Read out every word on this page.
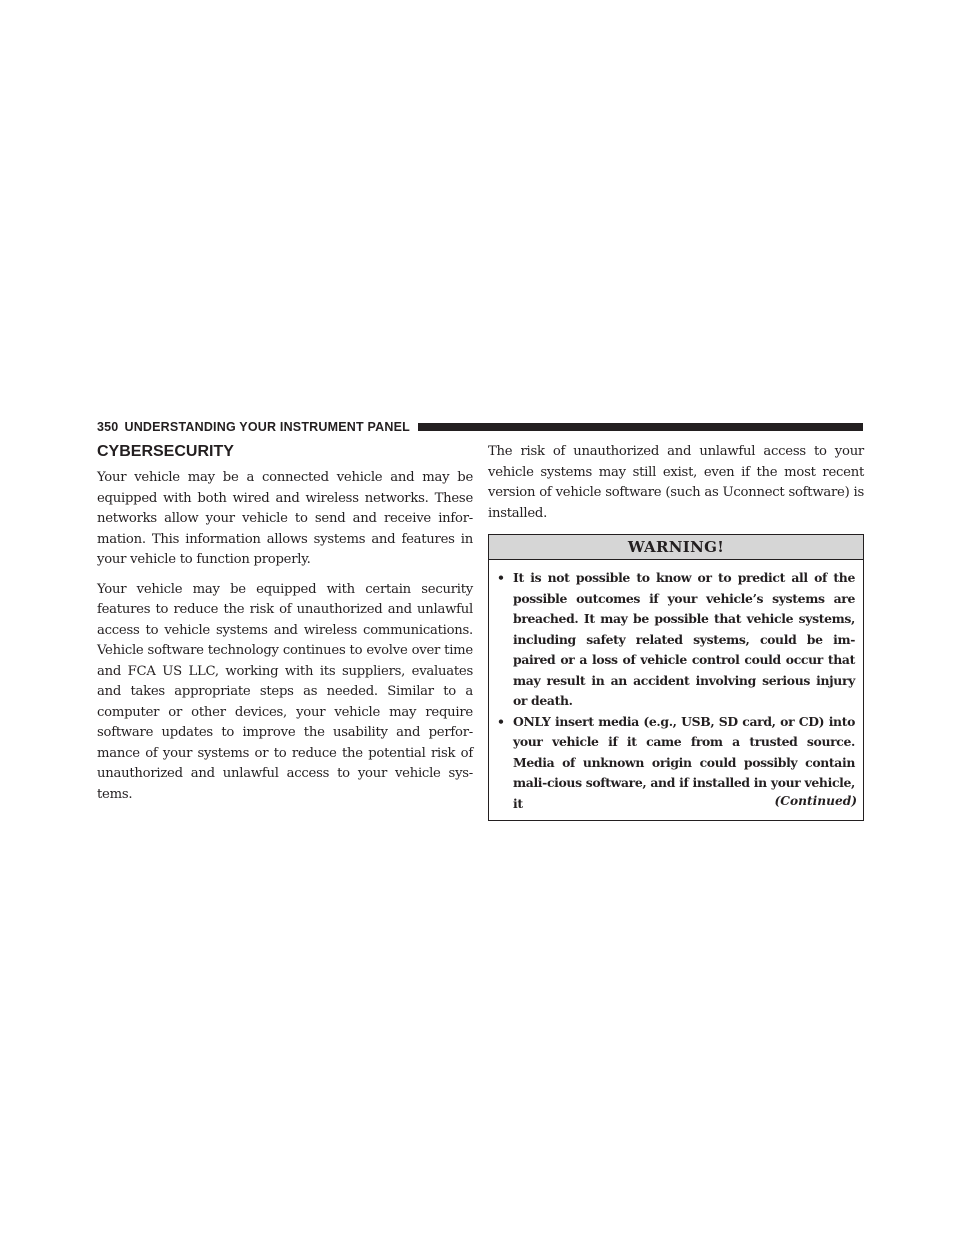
350 UNDERSTANDING YOUR INSTRUMENT PANEL
CYBERSECURITY

Your vehicle may be a connected vehicle and may be equipped with both wired and wireless networks. These networks allow your vehicle to send and receive infor-mation. This information allows systems and features in your vehicle to function properly.

Your vehicle may be equipped with certain security features to reduce the risk of unauthorized and unlawful access to vehicle systems and wireless communications. Vehicle software technology continues to evolve over time and FCA US LLC, working with its suppliers, evaluates and takes appropriate steps as needed. Similar to a computer or other devices, your vehicle may require software updates to improve the usability and perfor-mance of your systems or to reduce the potential risk of unauthorized and unlawful access to your vehicle sys-tems.

The risk of unauthorized and unlawful access to your vehicle systems may still exist, even if the most recent version of vehicle software (such as Uconnect software) is installed.

WARNING!
• It is not possible to know or to predict all of the possible outcomes if your vehicle’s systems are breached. It may be possible that vehicle systems, including safety related systems, could be im-paired or a loss of vehicle control could occur that may result in an accident involving serious injury or death.
• ONLY insert media (e.g., USB, SD card, or CD) into your vehicle if it came from a trusted source. Media of unknown origin could possibly contain mali-cious software, and if installed in your vehicle, it	(Continued)
